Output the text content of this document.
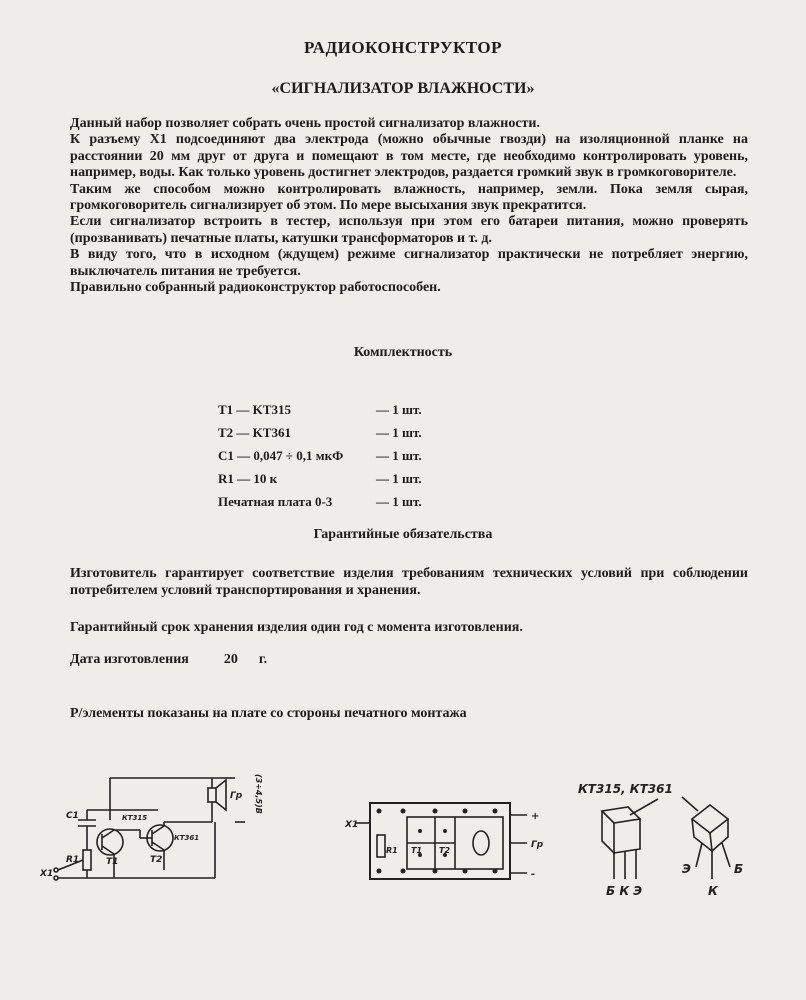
РАДИОКОНСТРУКТОР
«СИГНАЛИЗАТОР ВЛАЖНОСТИ»

Данный набор позволяет собрать очень простой сигнализатор влажности.

К разъему X1 подсоединяют два электрода (можно обычные гвозди) на изоляционной планке на расстоянии 20 мм друг от друга и помещают в том месте, где необходимо контролировать уровень, например, воды. Как только уровень достигнет электродов, раздается громкий звук в громкоговорителе.

Таким же способом можно контролировать влажность, например, земли. Пока земля сырая, громкоговоритель сигнализирует об этом. По мере высыхания звук прекратится.

Если сигнализатор встроить в тестер, используя при этом его батареи питания, можно проверять (прозванивать) печатные платы, катушки трансформаторов и т. д.

В виду того, что в исходном (ждущем) режиме сигнализатор практически не потребляет энергию, выключатель питания не требуется.

Правильно собранный радиоконструктор работоспособен.

Комплектность
T1 — KT315	— 1 шт.
T2 — KT361	— 1 шт.
C1 — 0,047 ÷ 0,1 мкФ	— 1 шт.
R1 — 10 к	— 1 шт.
Печатная плата 0-3	— 1 шт.
Гарантийные обязательства
Изготовитель гарантирует соответствие изделия требованиям технических условий при соблюдении потребителем условий транспортирования и хранения.
Гарантийный срок хранения изделия один год с момента изготовления.
Дата изготовления	20 г.
Р/элементы показаны на плате со стороны печатного монтажа
C1
R1	T1	T2
КТ315
КТ361
X1
Гр (3÷4,5)В
X1
R1 T1 T2
+
Гр
-
КТ315, КТ361
Б К Э
Э	Б
К
